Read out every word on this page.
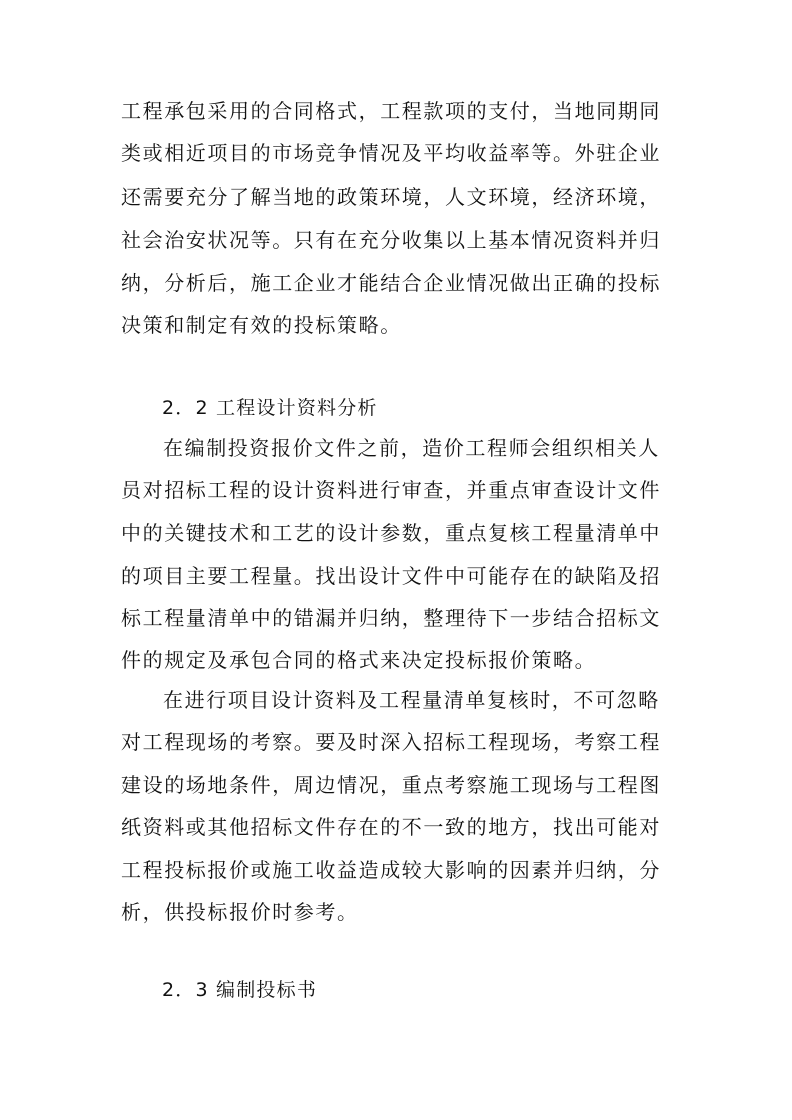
工程承包采用的合同格式，工程款项的支付，当地同期同
类或相近项目的市场竞争情况及平均收益率等。外驻企业
还需要充分了解当地的政策环境，人文环境，经济环境，
社会治安状况等。只有在充分收集以上基本情况资料并归
纳，分析后，施工企业才能结合企业情况做出正确的投标
决策和制定有效的投标策略。
2．2 工程设计资料分析
在编制投资报价文件之前，造价工程师会组织相关人
员对招标工程的设计资料进行审查，并重点审查设计文件
中的关键技术和工艺的设计参数，重点复核工程量清单中
的项目主要工程量。找出设计文件中可能存在的缺陷及招
标工程量清单中的错漏并归纳，整理待下一步结合招标文
件的规定及承包合同的格式来决定投标报价策略。
在进行项目设计资料及工程量清单复核时，不可忽略
对工程现场的考察。要及时深入招标工程现场，考察工程
建设的场地条件，周边情况，重点考察施工现场与工程图
纸资料或其他招标文件存在的不一致的地方，找出可能对
工程投标报价或施工收益造成较大影响的因素并归纳，分
析，供投标报价时参考。
2．3 编制投标书
